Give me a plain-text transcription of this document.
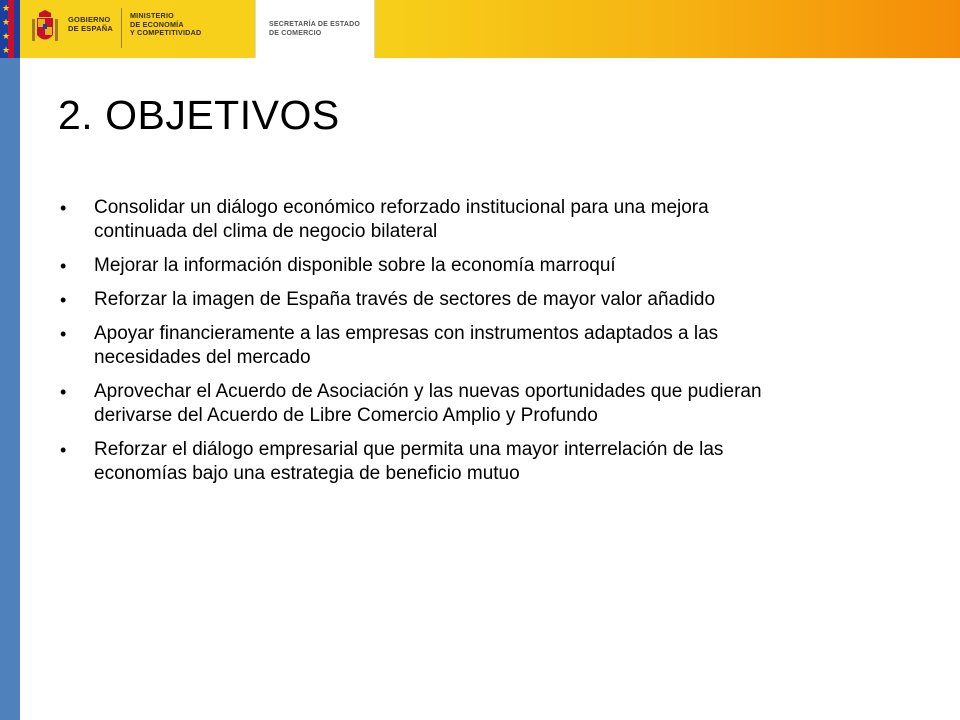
★
★
★
★
GOBIERNO
DE ESPAÑA
MINISTERIO
DE ECONOMÍA
Y COMPETITIVIDAD
SECRETARÍA DE ESTADO
DE COMERCIO
2. OBJETIVOS
• Consolidar un diálogo económico reforzado institucional para una mejora
continuada del clima de negocio bilateral
• Mejorar la información disponible sobre la economía marroquí
• Reforzar la imagen de España través de sectores de mayor valor añadido
• Apoyar financieramente a las empresas con instrumentos adaptados a las
necesidades del mercado
• Aprovechar el Acuerdo de Asociación y las nuevas oportunidades que pudieran
derivarse del Acuerdo de Libre Comercio Amplio y Profundo
• Reforzar el diálogo empresarial que permita una mayor interrelación de las
economías bajo una estrategia de beneficio mutuo
